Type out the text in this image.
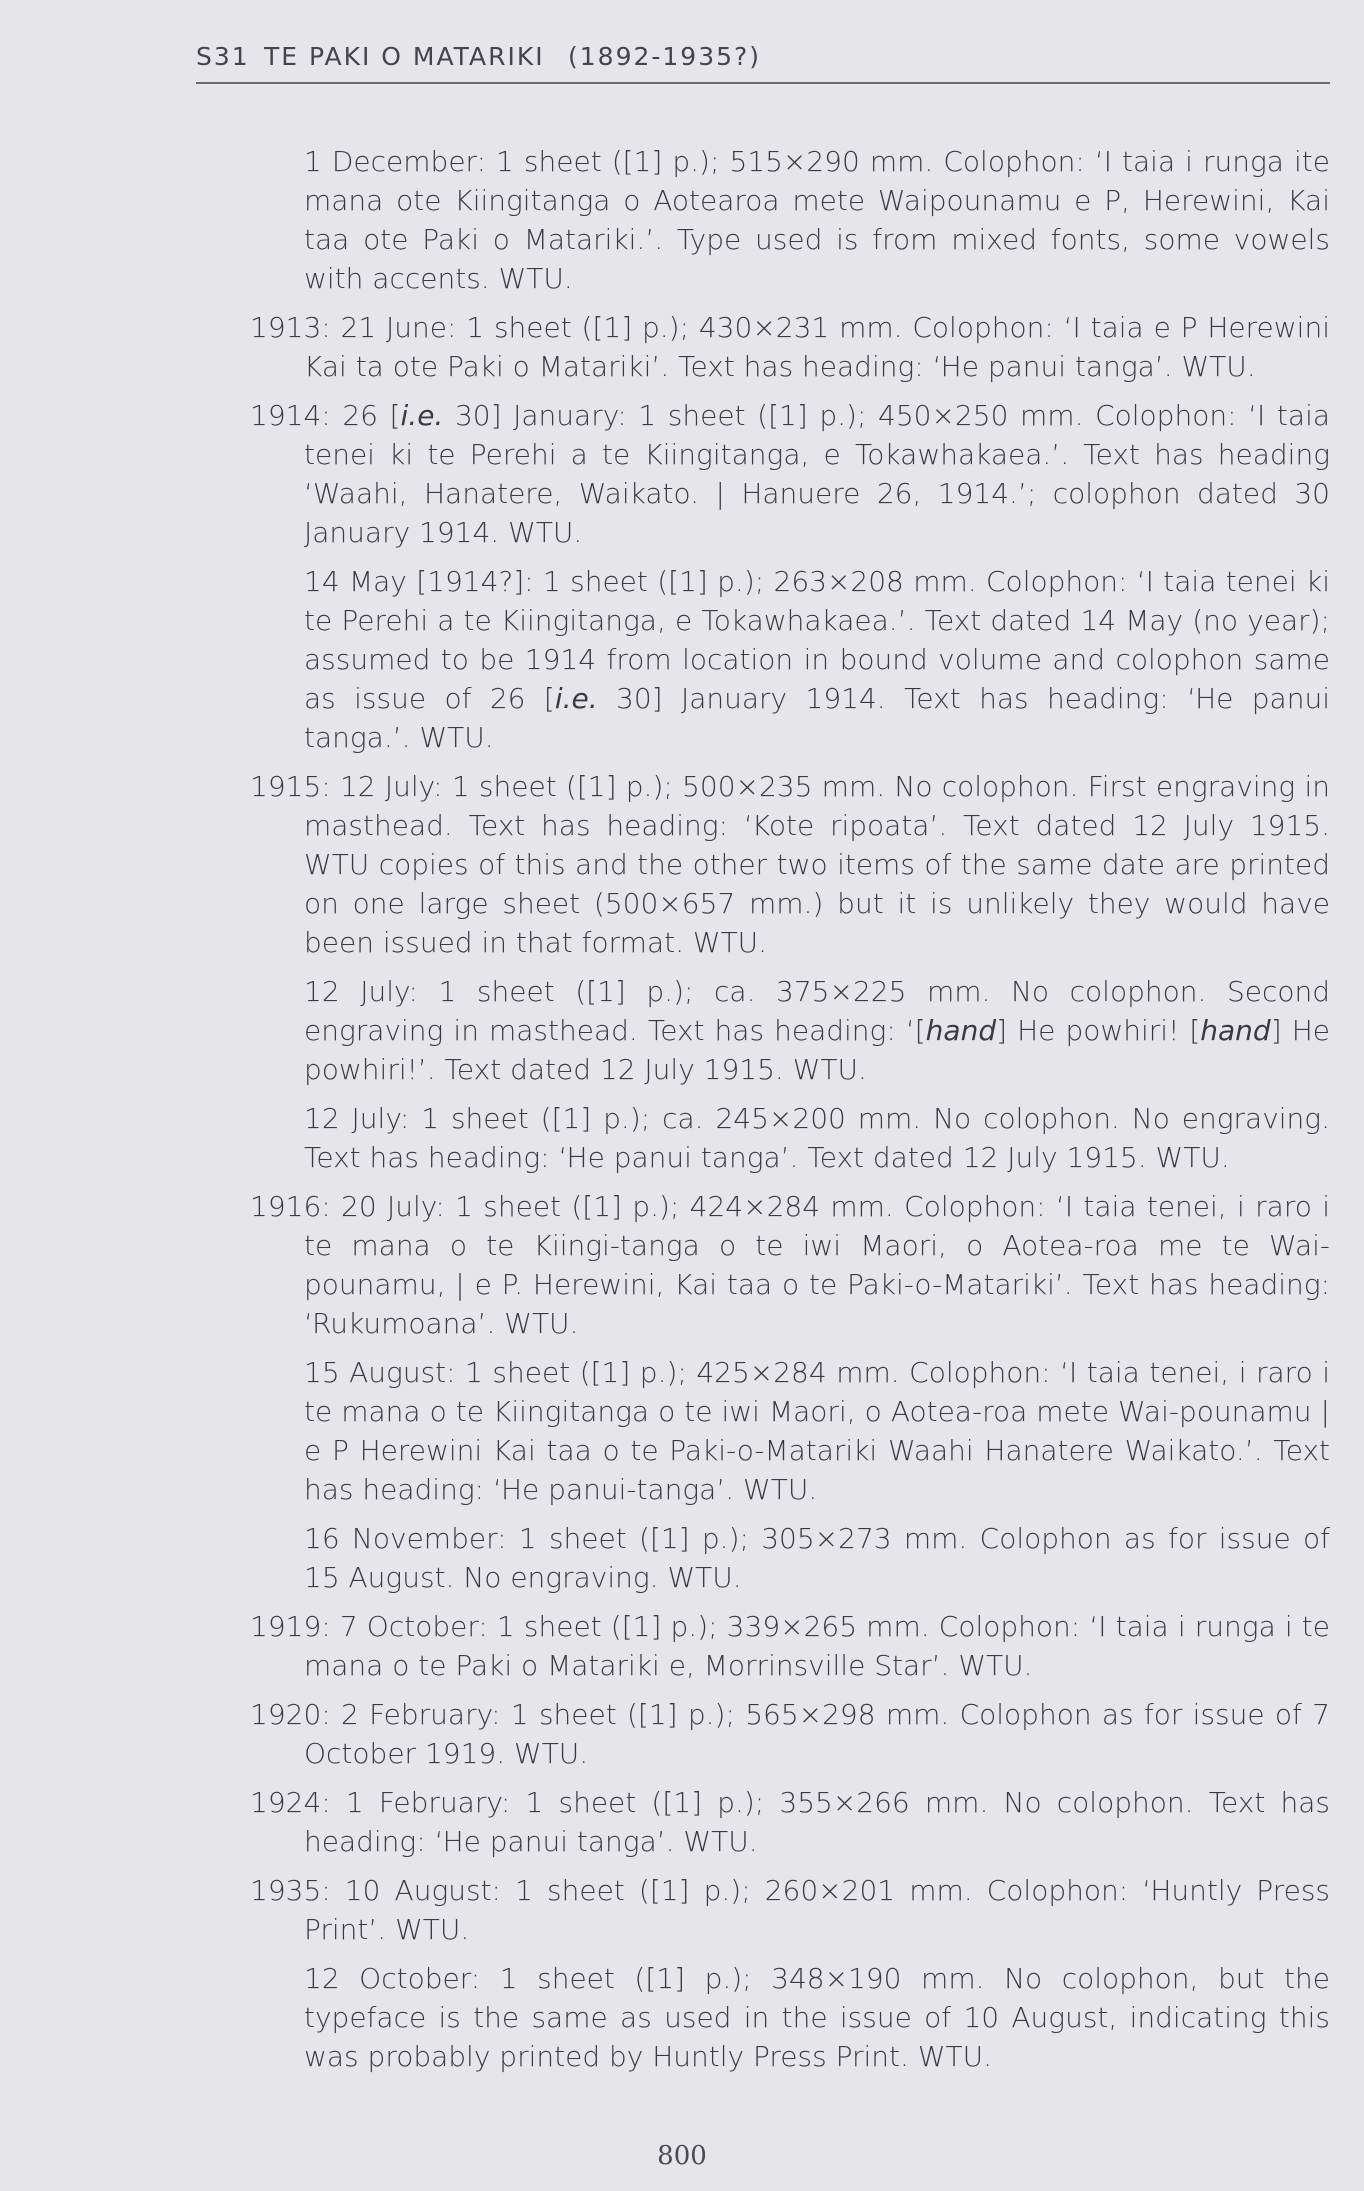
S31 TE PAKI O MATARIKI (1892-1935?)

1 December: 1 sheet ([1] p.); 515×290 mm. Colophon: ‘I taia i runga ite mana ote Kiingitanga o Aotearoa mete Waipounamu e P, Herewini, Kai taa ote Paki o Matariki.’. Type used is from mixed fonts, some vowels with accents. WTU.

1913: 21 June: 1 sheet ([1] p.); 430×231 mm. Colophon: ‘I taia e P Herewini Kai ta ote Paki o Matariki’. Text has heading: ‘He panui tanga’. WTU.

1914: 26 [i.e. 30] January: 1 sheet ([1] p.); 450×250 mm. Colophon: ‘I taia tenei ki te Perehi a te Kiingitanga, e Tokawhakaea.’. Text has heading ‘Waahi, Hanatere, Waikato. | Hanuere 26, 1914.’; colophon dated 30 January 1914. WTU.

14 May [1914?]: 1 sheet ([1] p.); 263×208 mm. Colophon: ‘I taia tenei ki te Perehi a te Kiingitanga, e Tokawhakaea.’. Text dated 14 May (no year); assumed to be 1914 from location in bound volume and colophon same as issue of 26 [i.e. 30] January 1914. Text has heading: ‘He panui tanga.’. WTU.

1915: 12 July: 1 sheet ([1] p.); 500×235 mm. No colophon. First engraving in masthead. Text has heading: ‘Kote ripoata’. Text dated 12 July 1915. WTU copies of this and the other two items of the same date are printed on one large sheet (500×657 mm.) but it is unlikely they would have been issued in that format. WTU.

12 July: 1 sheet ([1] p.); ca. 375×225 mm. No colophon. Second engraving in masthead. Text has heading: ‘[hand] He powhiri! [hand] He powhiri!’. Text dated 12 July 1915. WTU.

12 July: 1 sheet ([1] p.); ca. 245×200 mm. No colophon. No engraving. Text has heading: ‘He panui tanga’. Text dated 12 July 1915. WTU.

1916: 20 July: 1 sheet ([1] p.); 424×284 mm. Colophon: ‘I taia tenei, i raro i te mana o te Kiingi-tanga o te iwi Maori, o Aotea-roa me te Wai-pounamu, | e P. Herewini, Kai taa o te Paki-o-Matariki’. Text has heading: ‘Rukumoana’. WTU.

15 August: 1 sheet ([1] p.); 425×284 mm. Colophon: ‘I taia tenei, i raro i te mana o te Kiingitanga o te iwi Maori, o Aotea-roa mete Wai-pounamu | e P Herewini Kai taa o te Paki-o-Matariki Waahi Hanatere Waikato.’. Text has heading: ‘He panui-tanga’. WTU.

16 November: 1 sheet ([1] p.); 305×273 mm. Colophon as for issue of 15 August. No engraving. WTU.

1919: 7 October: 1 sheet ([1] p.); 339×265 mm. Colophon: ‘I taia i runga i te mana o te Paki o Matariki e, Morrinsville Star’. WTU.

1920: 2 February: 1 sheet ([1] p.); 565×298 mm. Colophon as for issue of 7 October 1919. WTU.

1924: 1 February: 1 sheet ([1] p.); 355×266 mm. No colophon. Text has heading: ‘He panui tanga’. WTU.

1935: 10 August: 1 sheet ([1] p.); 260×201 mm. Colophon: ‘Huntly Press Print’. WTU.

12 October: 1 sheet ([1] p.); 348×190 mm. No colophon, but the typeface is the same as used in the issue of 10 August, indicating this was probably printed by Huntly Press Print. WTU.

800
